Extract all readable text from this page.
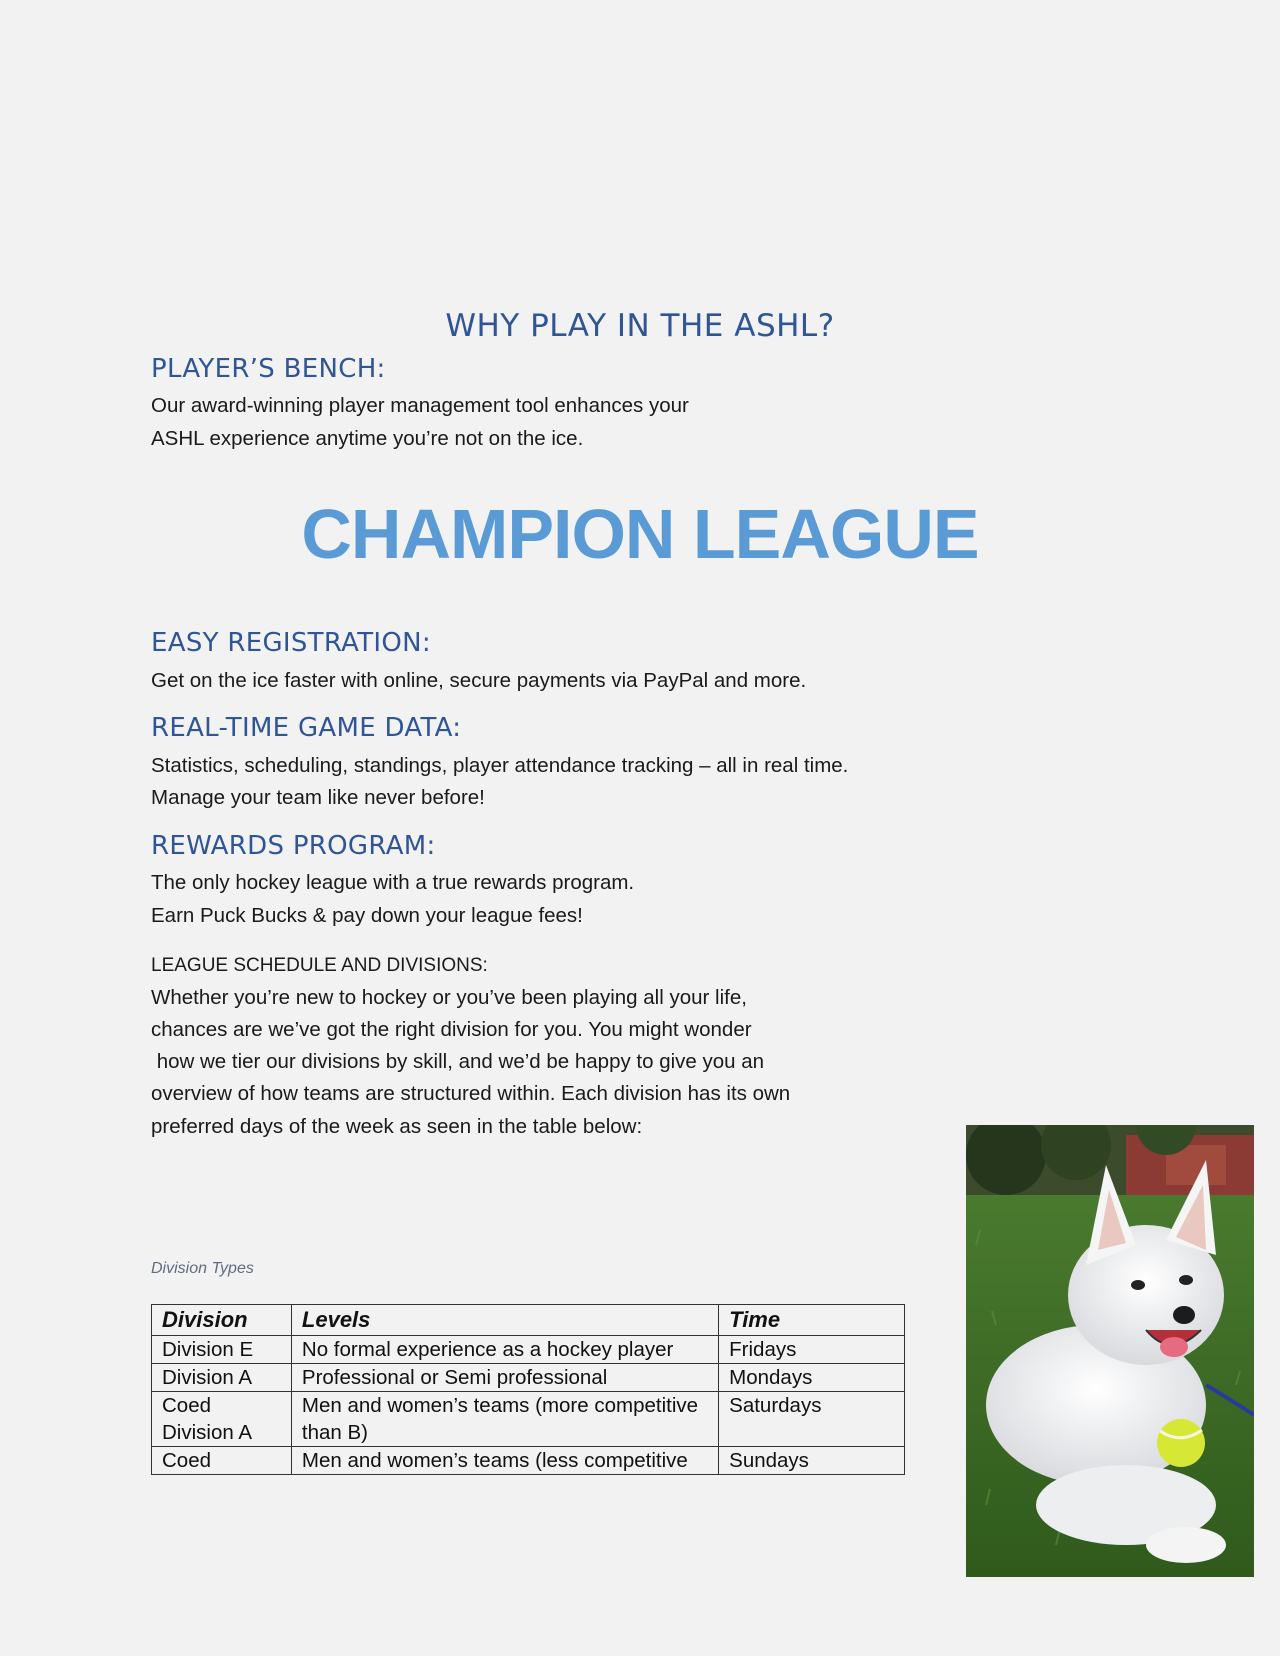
WHY PLAY IN THE ASHL?
PLAYER’S BENCH:
Our award-winning player management tool enhances your
ASHL experience anytime you’re not on the ice.
CHAMPION LEAGUE
EASY REGISTRATION:
Get on the ice faster with online, secure payments via PayPal and more.
REAL-TIME GAME DATA:
Statistics, scheduling, standings, player attendance tracking – all in real time.
Manage your team like never before!
REWARDS PROGRAM:
The only hockey league with a true rewards program.
Earn Puck Bucks & pay down your league fees!
LEAGUE SCHEDULE AND DIVISIONS:
Whether you’re new to hockey or you’ve been playing all your life,
chances are we’ve got the right division for you. You might wonder
how we tier our divisions by skill, and we’d be happy to give you an
overview of how teams are structured within. Each division has its own
preferred days of the week as seen in the table below:
Division Types
Division	Levels	Time
Division E	No formal experience as a hockey player	Fridays
Division A	Professional or Semi professional	Mondays
Coed Division A	Men and women’s teams (more competitive than B)	Saturdays
Coed	Men and women’s teams (less competitive	Sundays
